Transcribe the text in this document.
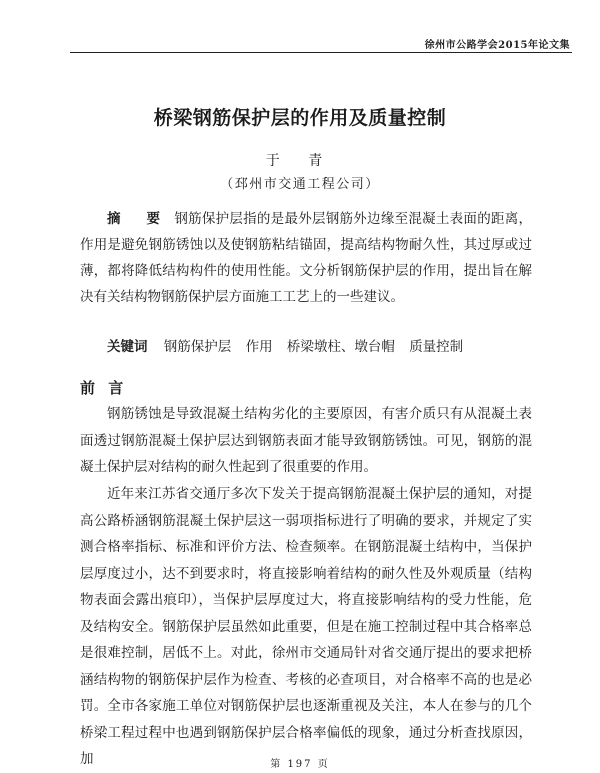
徐州市公路学会2015年论文集
桥梁钢筋保护层的作用及质量控制
于 青
（邳州市交通工程公司）

摘　要 钢筋保护层指的是最外层钢筋外边缘至混凝土表面的距离，作用是避免钢筋锈蚀以及使钢筋粘结锚固，提高结构物耐久性，其过厚或过薄，都将降低结构构件的使用性能。文分析钢筋保护层的作用，提出旨在解决有关结构物钢筋保护层方面施工工艺上的一些建议。

关键词 钢筋保护层 作用 桥梁墩柱、墩台帽 质量控制

前 言

钢筋锈蚀是导致混凝土结构劣化的主要原因，有害介质只有从混凝土表面透过钢筋混凝土保护层达到钢筋表面才能导致钢筋锈蚀。可见，钢筋的混凝土保护层对结构的耐久性起到了很重要的作用。

近年来江苏省交通厅多次下发关于提高钢筋混凝土保护层的通知，对提高公路桥涵钢筋混凝土保护层这一弱项指标进行了明确的要求，并规定了实测合格率指标、标准和评价方法、检查频率。在钢筋混凝土结构中，当保护层厚度过小，达不到要求时，将直接影响着结构的耐久性及外观质量（结构物表面会露出痕印），当保护层厚度过大，将直接影响结构的受力性能，危及结构安全。钢筋保护层虽然如此重要，但是在施工控制过程中其合格率总是很难控制，居低不上。对此，徐州市交通局针对省交通厅提出的要求把桥涵结构物的钢筋保护层作为检查、考核的必查项目，对合格率不高的也是必罚。全市各家施工单位对钢筋保护层也逐渐重视及关注，本人在参与的几个桥梁工程过程中也遇到钢筋保护层合格率偏低的现象，通过分析查找原因，加	第 197 页
